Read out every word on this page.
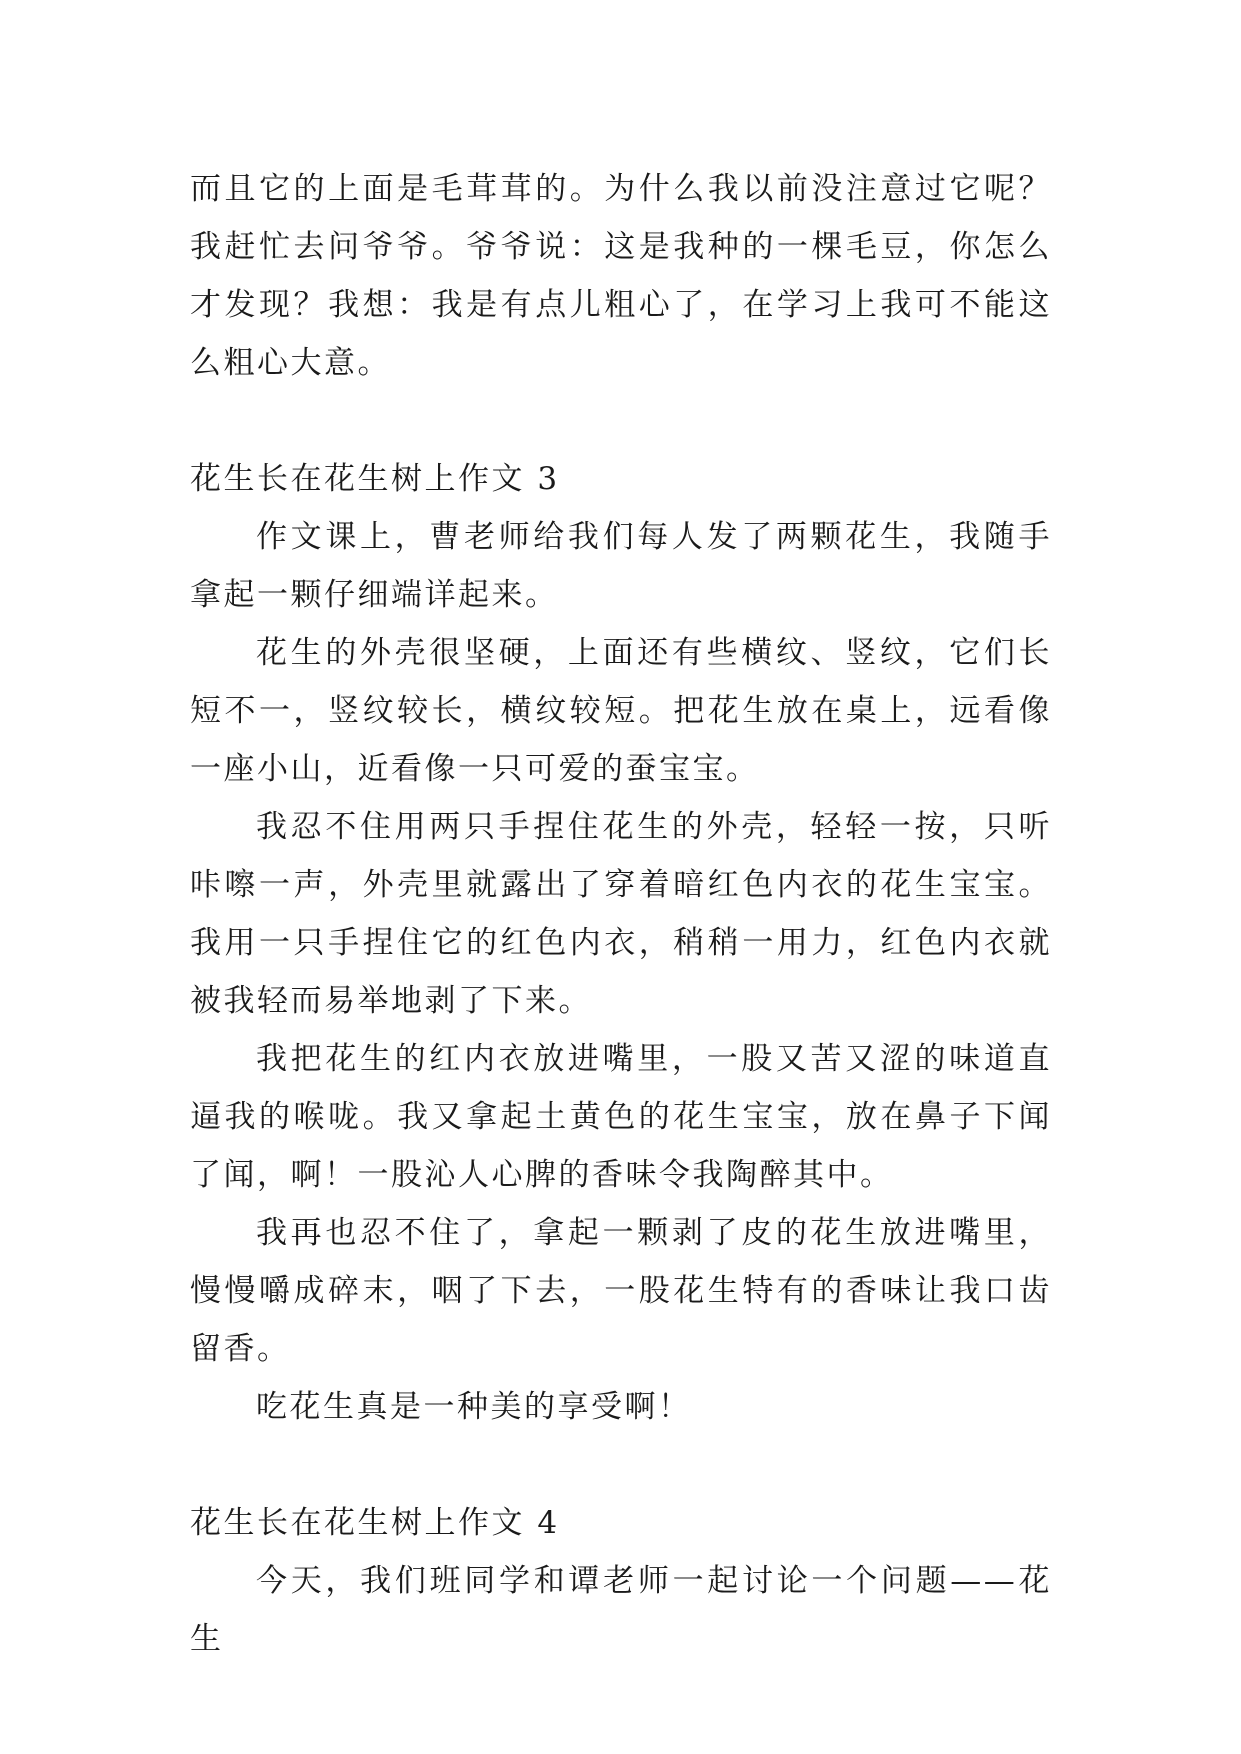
而且它的上面是毛茸茸的。为什么我以前没注意过它呢？我赶忙去问爷爷。爷爷说：这是我种的一棵毛豆，你怎么才发现？我想：我是有点儿粗心了，在学习上我可不能这么粗心大意。

花生长在花生树上作文 3

作文课上，曹老师给我们每人发了两颗花生，我随手拿起一颗仔细端详起来。

花生的外壳很坚硬，上面还有些横纹、竖纹，它们长短不一，竖纹较长，横纹较短。把花生放在桌上，远看像一座小山，近看像一只可爱的蚕宝宝。

我忍不住用两只手捏住花生的外壳，轻轻一按，只听咔嚓一声，外壳里就露出了穿着暗红色内衣的花生宝宝。我用一只手捏住它的红色内衣，稍稍一用力，红色内衣就被我轻而易举地剥了下来。

我把花生的红内衣放进嘴里，一股又苦又涩的味道直逼我的喉咙。我又拿起土黄色的花生宝宝，放在鼻子下闻了闻，啊！一股沁人心脾的香味令我陶醉其中。

我再也忍不住了，拿起一颗剥了皮的花生放进嘴里，慢慢嚼成碎末，咽了下去，一股花生特有的香味让我口齿留香。

吃花生真是一种美的享受啊！

花生长在花生树上作文 4

今天，我们班同学和谭老师一起讨论一个问题——花生
